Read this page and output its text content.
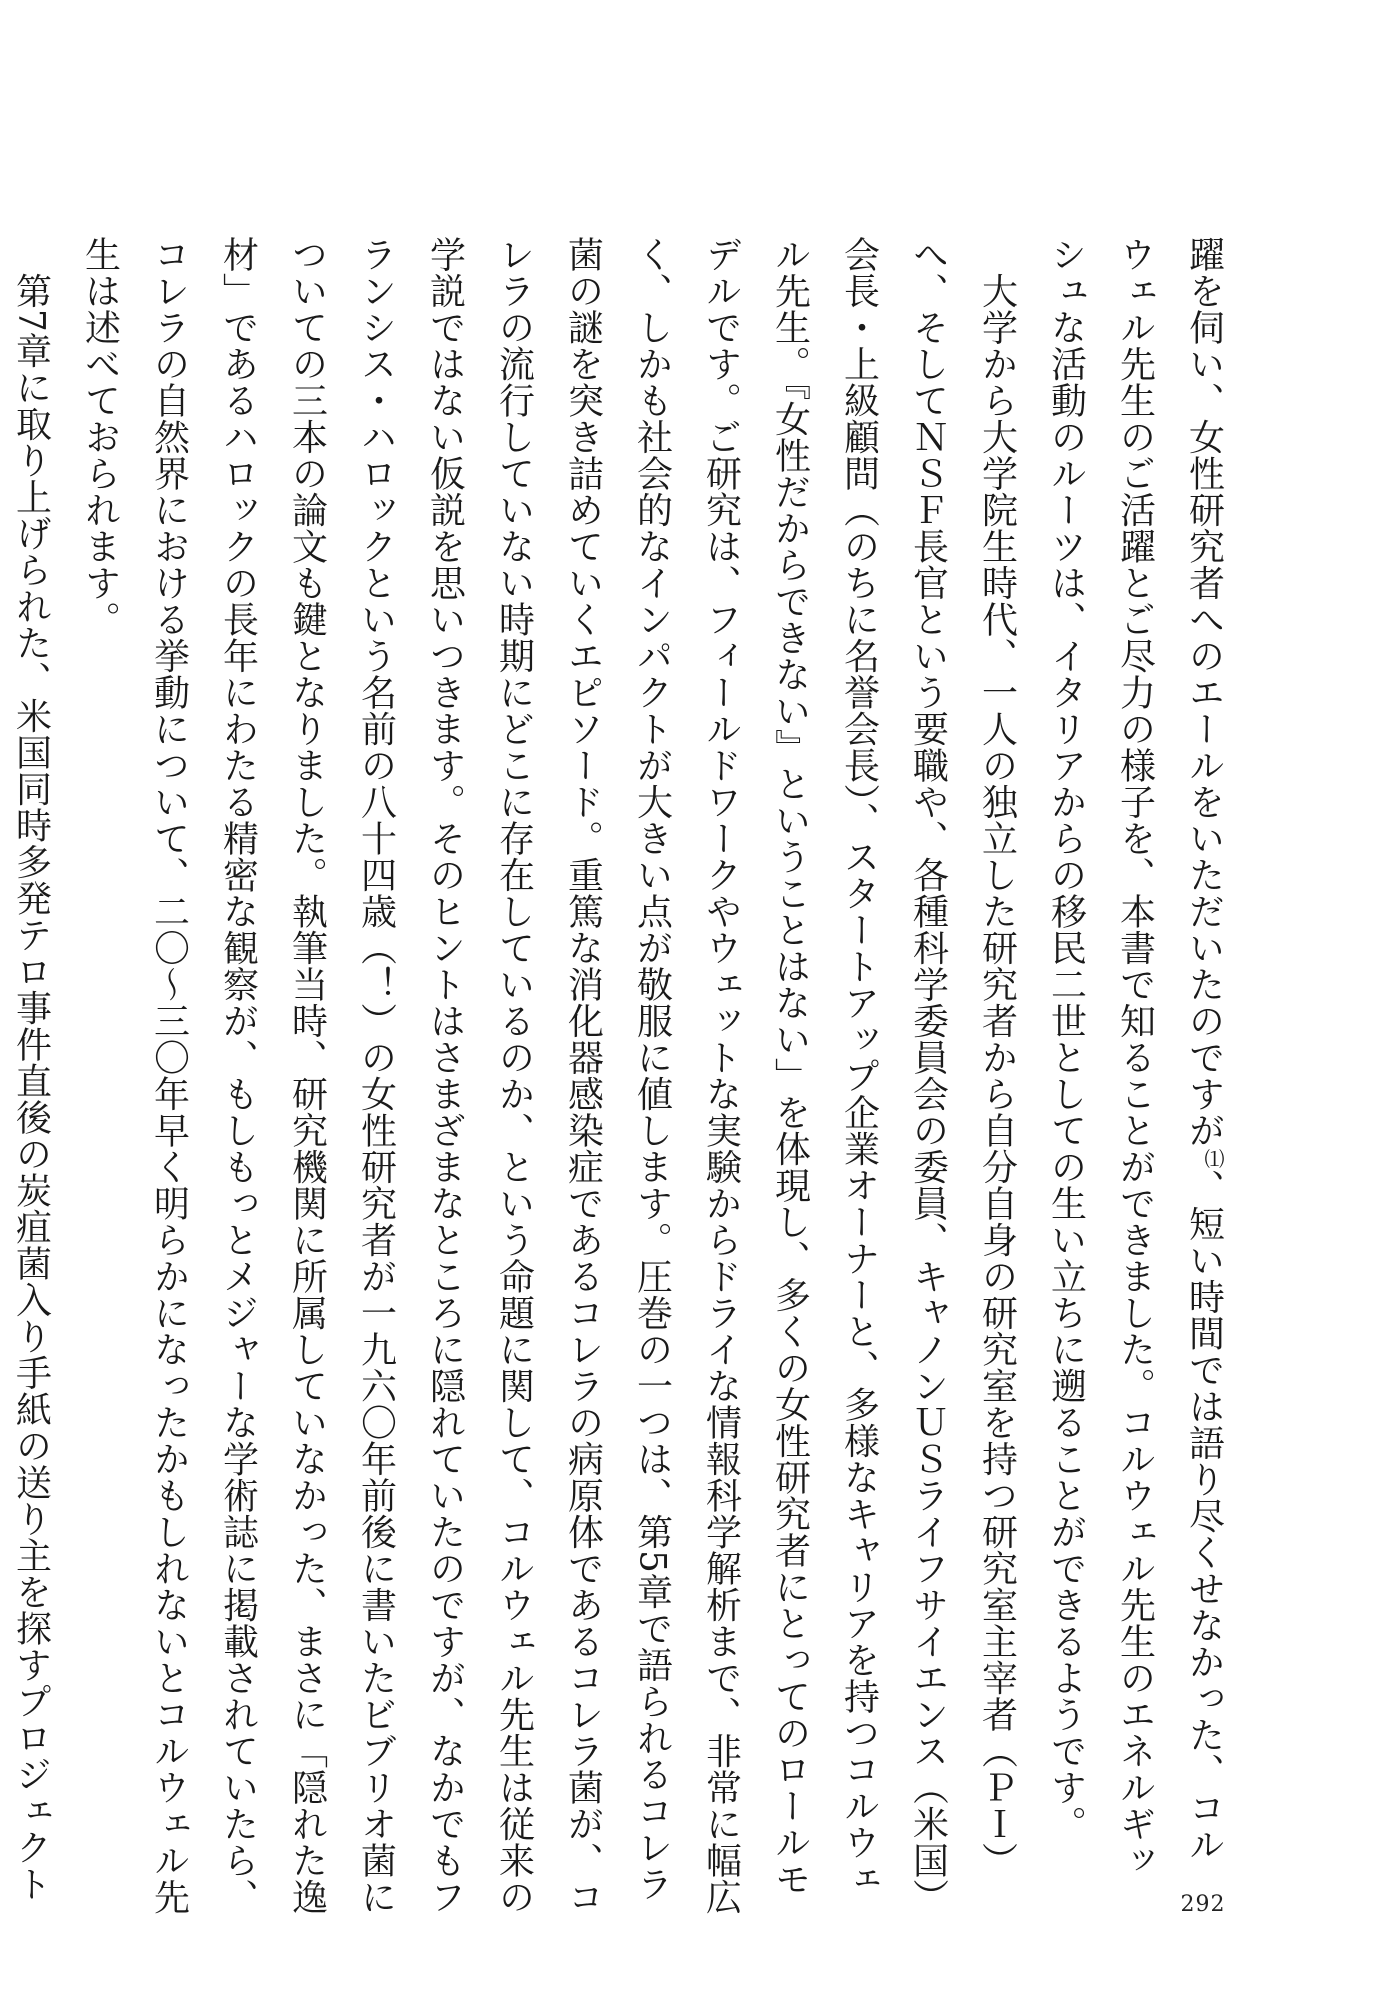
躍を伺い、女性研究者へのエールをいただいたのですが⑴、短い時間では語り尽くせなかった、コル
ウェル先生のご活躍とご尽力の様子を、本書で知ることができました。コルウェル先生のエネルギッ
シュな活動のルーツは、イタリアからの移民二世としての生い立ちに遡ることができるようです。
　大学から大学院生時代、一人の独立した研究者から自分自身の研究室を持つ研究室主宰者（ＰＩ）
へ、そしてＮＳＦ長官という要職や、各種科学委員会の委員、キャノンＵＳライフサイエンス（米国）
会長・上級顧問（のちに名誉会長）、スタートアップ企業オーナーと、多様なキャリアを持つコルウェ
ル先生。『女性だからできない』ということはない」を体現し、多くの女性研究者にとってのロールモ
デルです。ご研究は、フィールドワークやウェットな実験からドライな情報科学解析まで、非常に幅広
く、しかも社会的なインパクトが大きい点が敬服に値します。圧巻の一つは、第5章で語られるコレラ
菌の謎を突き詰めていくエピソード。重篤な消化器感染症であるコレラの病原体であるコレラ菌が、コ
レラの流行していない時期にどこに存在しているのか、という命題に関して、コルウェル先生は従来の
学説ではない仮説を思いつきます。そのヒントはさまざまなところに隠れていたのですが、なかでもフ
ランシス・ハロックという名前の八十四歳（！）の女性研究者が一九六〇年前後に書いたビブリオ菌に
ついての三本の論文も鍵となりました。執筆当時、研究機関に所属していなかった、まさに「隠れた逸
材」であるハロックの長年にわたる精密な観察が、もしもっとメジャーな学術誌に掲載されていたら、
コレラの自然界における挙動について、二〇〜三〇年早く明らかになったかもしれないとコルウェル先
生は述べておられます。
　第7章に取り上げられた、米国同時多発テロ事件直後の炭疽菌入り手紙の送り主を探すプロジェクト
292
